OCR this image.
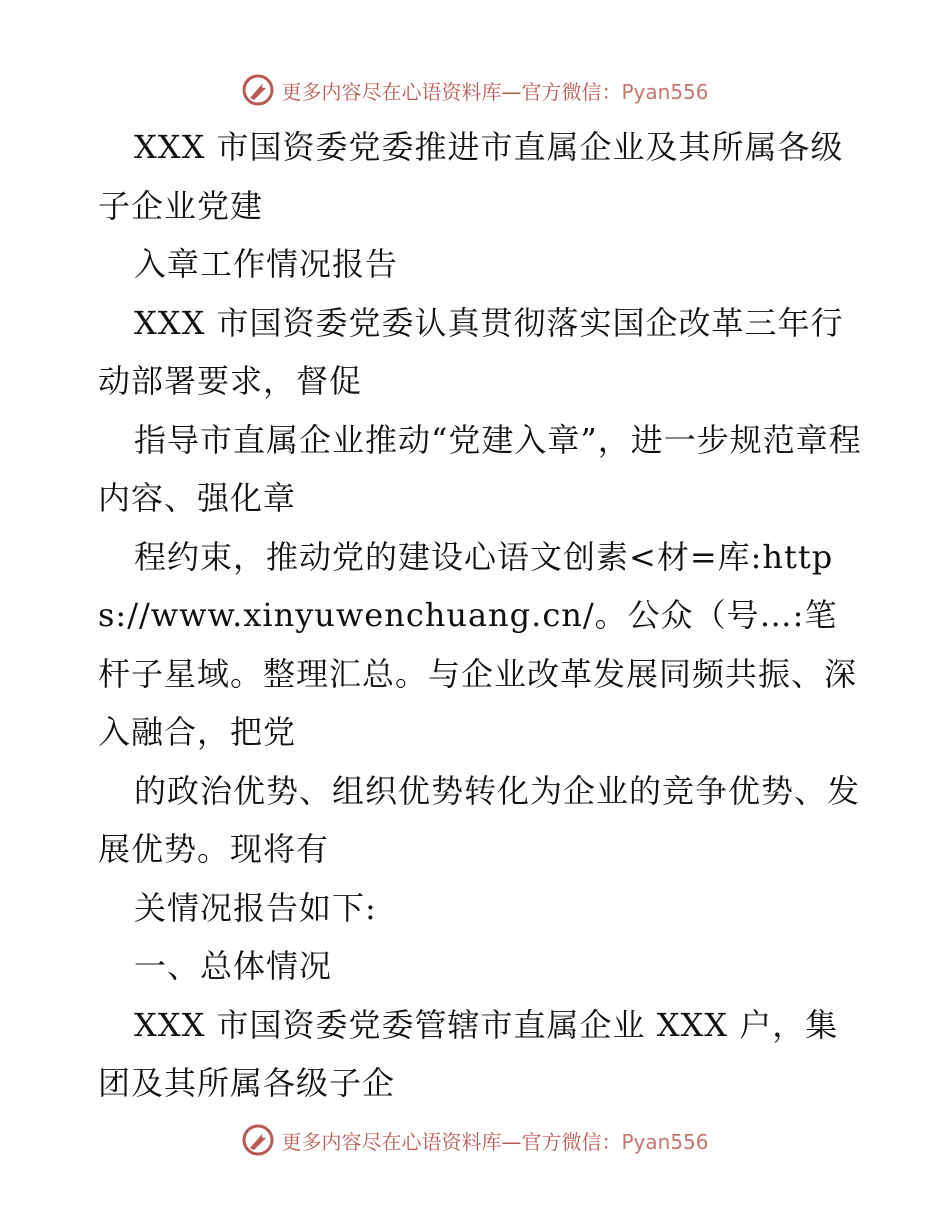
更多内容尽在心语资料库—官方微信：Pyan556

XXX 市国资委党委推进市直属企业及其所属各级子企业党建

入章工作情况报告

XXX 市国资委党委认真贯彻落实国企改革三年行动部署要求，督促

指导市直属企业推动“党建入章”，进一步规范章程内容、强化章

程约束，推动党的建设心语文创素<材=库:https://www.xinyuwenchuang.cn/。公众（号…:笔杆子星域。整理汇总。与企业改革发展同频共振、深入融合，把党

的政治优势、组织优势转化为企业的竞争优势、发展优势。现将有

关情况报告如下:

一、总体情况

XXX 市国资委党委管辖市直属企业 XXX 户，集团及其所属各级子企

更多内容尽在心语资料库—官方微信：Pyan556
